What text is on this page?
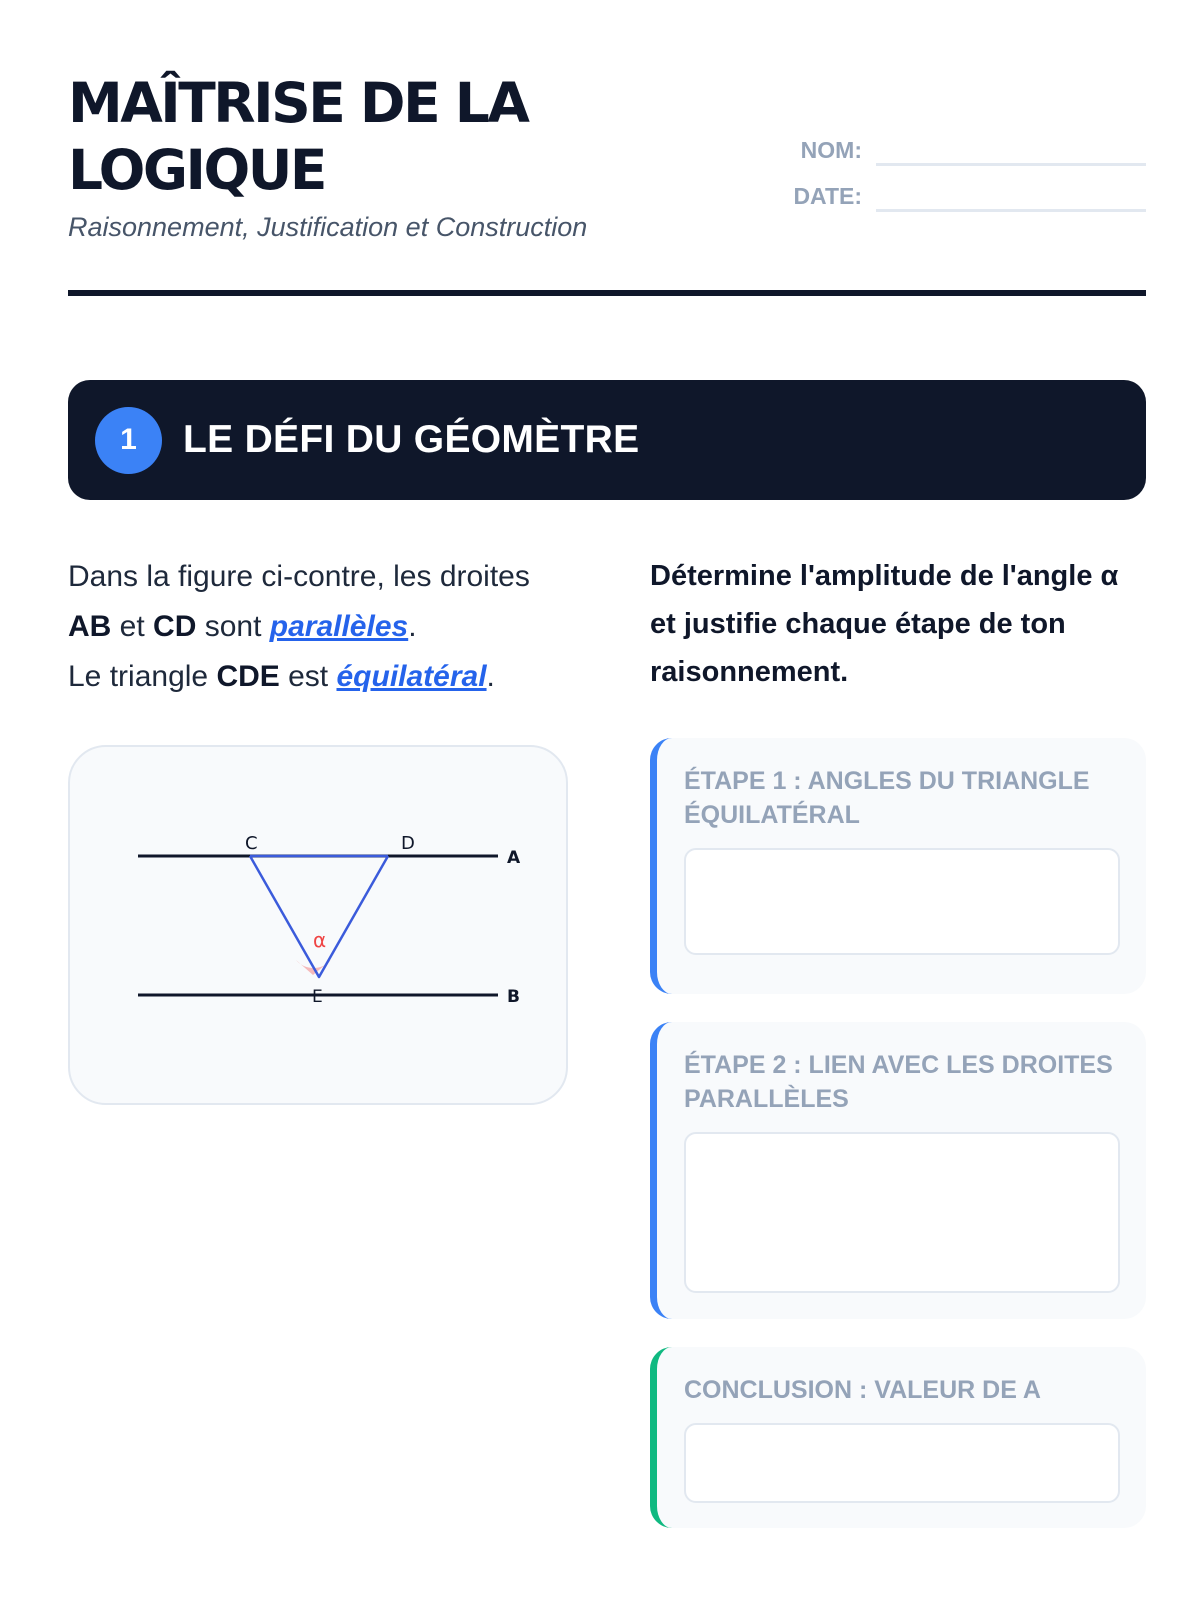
MAÎTRISE DE LA
LOGIQUE
Raisonnement, Justification et Construction
NOM:
DATE:
1	LE DÉFI DU GÉOMÈTRE

Dans la figure ci-contre, les droites AB et CD sont parallèles.
Le triangle CDE est équilatéral.

C	D
E
A
B
α

Détermine l'amplitude de l'angle α et justifie chaque étape de ton raisonnement.

ÉTAPE 1 : ANGLES DU TRIANGLE ÉQUILATÉRAL
ÉTAPE 2 : LIEN AVEC LES DROITES PARALLÈLES
CONCLUSION : VALEUR DE A
